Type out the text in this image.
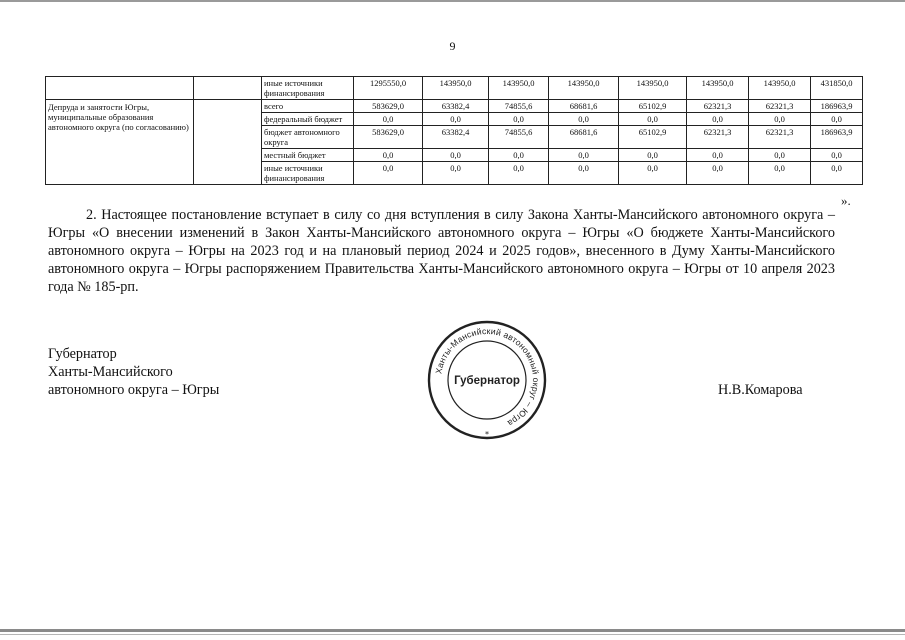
9
		иные источники финансирования	1295550,0	143950,0	143950,0	143950,0	143950,0	143950,0	143950,0	431850,0
Депруда и занятости Югры, муниципальные образования автономного округа (по согласованию)		всего	583629,0	63382,4	74855,6	68681,6	65102,9	62321,3	62321,3	186963,9
		федеральный бюджет	0,0	0,0	0,0	0,0	0,0	0,0	0,0	0,0
		бюджет автономного округа	583629,0	63382,4	74855,6	68681,6	65102,9	62321,3	62321,3	186963,9
		местный бюджет	0,0	0,0	0,0	0,0	0,0	0,0	0,0	0,0
		иные источники финансирования	0,0	0,0	0,0	0,0	0,0	0,0	0,0	0,0
».
2. Настоящее постановление вступает в силу со дня вступления в силу Закона Ханты-Мансийского автономного округа – Югры «О внесении изменений в Закон Ханты-Мансийского автономного округа – Югры «О бюджете Ханты-Мансийского автономного округа – Югры на 2023 год и на плановый период 2024 и 2025 годов», внесенного в Думу Ханты-Мансийского автономного округа – Югры распоряжением Правительства Ханты-Мансийского автономного округа – Югры от 10 апреля 2023 года № 185-рп.
Губернатор
Ханты-Мансийского
автономного округа – Югры
Ханты-Мансийский автономный округ – Югра
Губернатор
*
Н.В.Комарова
